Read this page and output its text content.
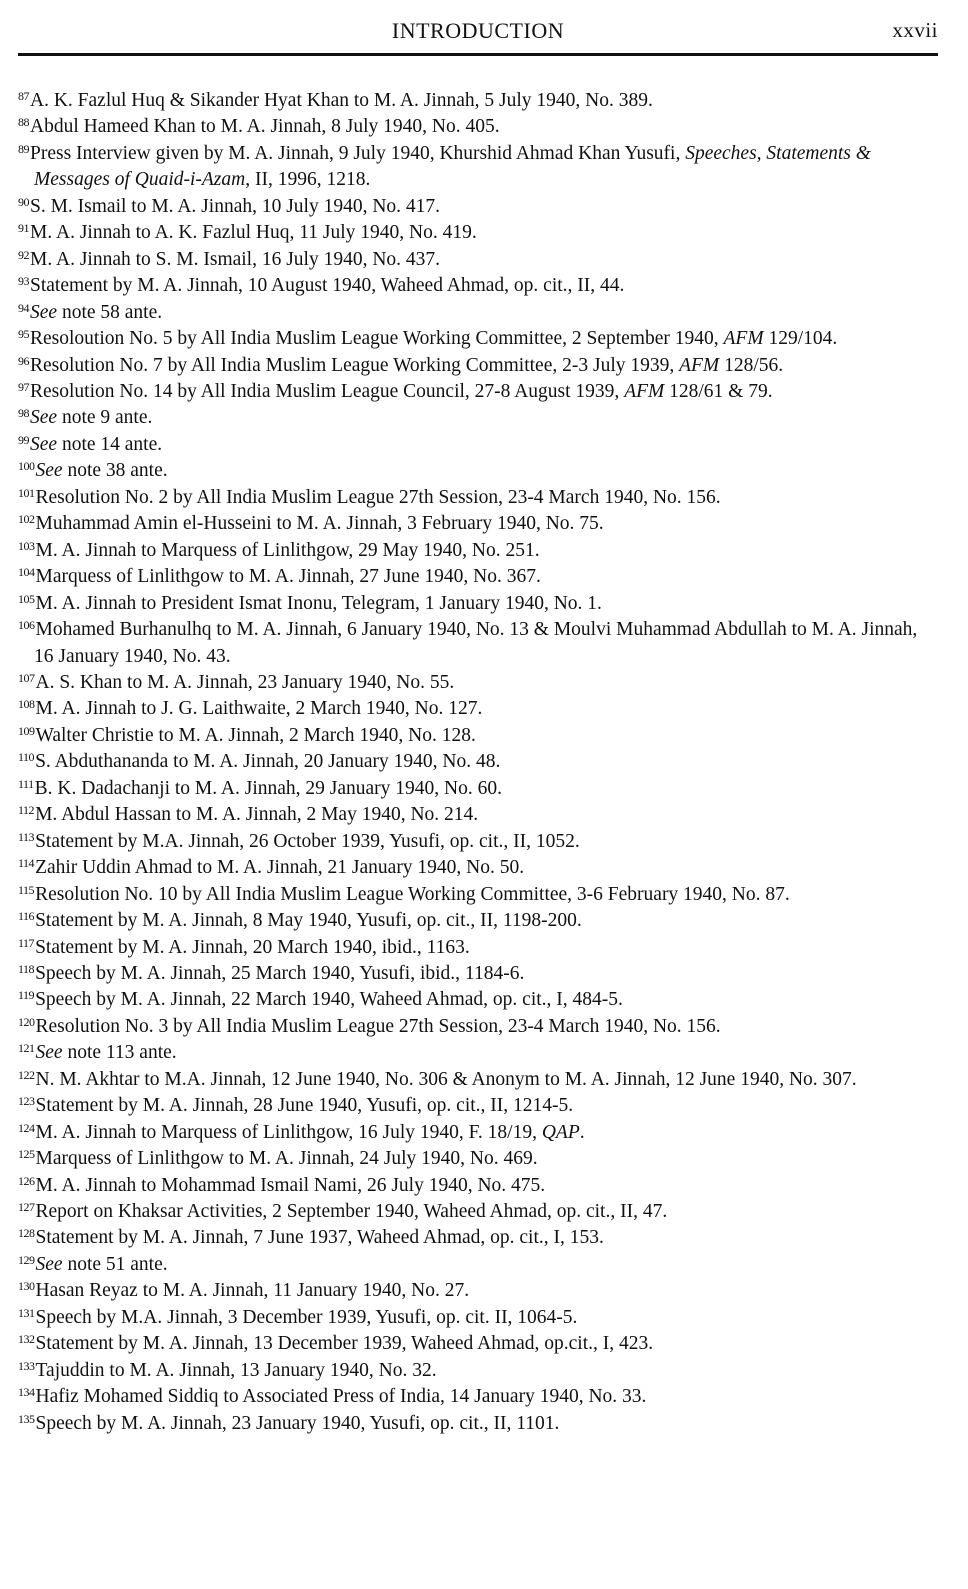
INTRODUCTION	xxvii
$^{87}$A. K. Fazlul Huq & Sikander Hyat Khan to M. A. Jinnah, 5 July 1940, No. 389.
$^{88}$Abdul Hameed Khan to M. A. Jinnah, 8 July 1940, No. 405.
$^{89}$Press Interview given by M. A. Jinnah, 9 July 1940, Khurshid Ahmad Khan Yusufi, Speeches, Statements & Messages of Quaid-i-Azam, II, 1996, 1218.
$^{90}$S. M. Ismail to M. A. Jinnah, 10 July 1940, No. 417.
$^{91}$M. A. Jinnah to A. K. Fazlul Huq, 11 July 1940, No. 419.
$^{92}$M. A. Jinnah to S. M. Ismail, 16 July 1940, No. 437.
$^{93}$Statement by M. A. Jinnah, 10 August 1940, Waheed Ahmad, op. cit., II, 44.
$^{94}$See note 58 ante.
$^{95}$Resoloution No. 5 by All India Muslim League Working Committee, 2 September 1940, AFM 129/104.
$^{96}$Resolution No. 7 by All India Muslim League Working Committee, 2-3 July 1939, AFM 128/56.
$^{97}$Resolution No. 14 by All India Muslim League Council, 27-8 August 1939, AFM 128/61 & 79.
$^{98}$See note 9 ante.
$^{99}$See note 14 ante.
$^{100}$See note 38 ante.
$^{101}$Resolution No. 2 by All India Muslim League 27th Session, 23-4 March 1940, No. 156.
$^{102}$Muhammad Amin el-Husseini to M. A. Jinnah, 3 February 1940, No. 75.
$^{103}$M. A. Jinnah to Marquess of Linlithgow, 29 May 1940, No. 251.
$^{104}$Marquess of Linlithgow to M. A. Jinnah, 27 June 1940, No. 367.
$^{105}$M. A. Jinnah to President Ismat Inonu, Telegram, 1 January 1940, No. 1.
$^{106}$Mohamed Burhanulhq to M. A. Jinnah, 6 January 1940, No. 13 & Moulvi Muhammad Abdullah to M. A. Jinnah, 16 January 1940, No. 43.
$^{107}$A. S. Khan to M. A. Jinnah, 23 January 1940, No. 55.
$^{108}$M. A. Jinnah to J. G. Laithwaite, 2 March 1940, No. 127.
$^{109}$Walter Christie to M. A. Jinnah, 2 March 1940, No. 128.
$^{110}$S. Abduthananda to M. A. Jinnah, 20 January 1940, No. 48.
$^{111}$B. K. Dadachanji to M. A. Jinnah, 29 January 1940, No. 60.
$^{112}$M. Abdul Hassan to M. A. Jinnah, 2 May 1940, No. 214.
$^{113}$Statement by M.A. Jinnah, 26 October 1939, Yusufi, op. cit., II, 1052.
$^{114}$Zahir Uddin Ahmad to M. A. Jinnah, 21 January 1940, No. 50.
$^{115}$Resolution No. 10 by All India Muslim League Working Committee, 3-6 February 1940, No. 87.
$^{116}$Statement by M. A. Jinnah, 8 May 1940, Yusufi, op. cit., II, 1198-200.
$^{117}$Statement by M. A. Jinnah, 20 March 1940, ibid., 1163.
$^{118}$Speech by M. A. Jinnah, 25 March 1940, Yusufi, ibid., 1184-6.
$^{119}$Speech by M. A. Jinnah, 22 March 1940, Waheed Ahmad, op. cit., I, 484-5.
$^{120}$Resolution No. 3 by All India Muslim League 27th Session, 23-4 March 1940, No. 156.
$^{121}$See note 113 ante.
$^{122}$N. M. Akhtar to M.A. Jinnah, 12 June 1940, No. 306 & Anonym to M. A. Jinnah, 12 June 1940, No. 307.
$^{123}$Statement by M. A. Jinnah, 28 June 1940, Yusufi, op. cit., II, 1214-5.
$^{124}$M. A. Jinnah to Marquess of Linlithgow, 16 July 1940, F. 18/19, QAP.
$^{125}$Marquess of Linlithgow to M. A. Jinnah, 24 July 1940, No. 469.
$^{126}$M. A. Jinnah to Mohammad Ismail Nami, 26 July 1940, No. 475.
$^{127}$Report on Khaksar Activities, 2 September 1940, Waheed Ahmad, op. cit., II, 47.
$^{128}$Statement by M. A. Jinnah, 7 June 1937, Waheed Ahmad, op. cit., I, 153.
$^{129}$See note 51 ante.
$^{130}$Hasan Reyaz to M. A. Jinnah, 11 January 1940, No. 27.
$^{131}$Speech by M.A. Jinnah, 3 December 1939, Yusufi, op. cit. II, 1064-5.
$^{132}$Statement by M. A. Jinnah, 13 December 1939, Waheed Ahmad, op.cit., I, 423.
$^{133}$Tajuddin to M. A. Jinnah, 13 January 1940, No. 32.
$^{134}$Hafiz Mohamed Siddiq to Associated Press of India, 14 January 1940, No. 33.
$^{135}$Speech by M. A. Jinnah, 23 January 1940, Yusufi, op. cit., II, 1101.
